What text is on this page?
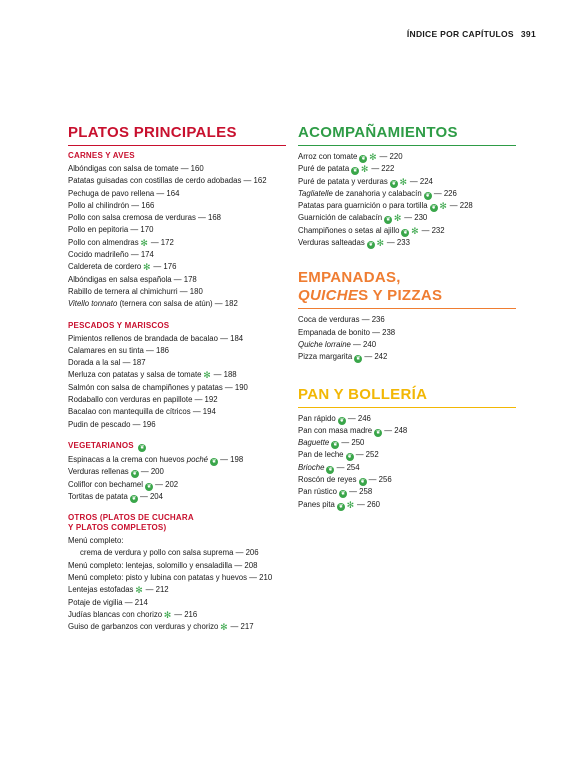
ÍNDICE POR CAPÍTULOS 391
PLATOS PRINCIPALES
CARNES Y AVES
Albóndigas con salsa de tomate — 160
Patatas guisadas con costillas de cerdo adobadas — 162
Pechuga de pavo rellena — 164
Pollo al chilindrón — 166
Pollo con salsa cremosa de verduras — 168
Pollo en pepitoria — 170
Pollo con almendras ✻ — 172
Cocido madrileño — 174
Caldereta de cordero ✻ — 176
Albóndigas en salsa española — 178
Rabillo de ternera al chimichurri — 180
Vitello tonnato (ternera con salsa de atún) — 182
PESCADOS Y MARISCOS
Pimientos rellenos de brandada de bacalao — 184
Calamares en su tinta — 186
Dorada a la sal — 187
Merluza con patatas y salsa de tomate ✻ — 188
Salmón con salsa de champiñones y patatas — 190
Rodaballo con verduras en papillote — 192
Bacalao con mantequilla de cítricos — 194
Pudin de pescado — 196
VEGETARIANOS ❦
Espinacas a la crema con huevos poché ❦ — 198
Verduras rellenas ❦ — 200
Coliflor con bechamel ❦ — 202
Tortitas de patata ❦ — 204
OTROS (PLATOS DE CUCHARA
Y PLATOS COMPLETOS)
Menú completo:
crema de verdura y pollo con salsa suprema — 206
Menú completo: lentejas, solomillo y ensaladilla — 208
Menú completo: pisto y lubina con patatas y huevos — 210
Lentejas estofadas ✻ — 212
Potaje de vigilia — 214
Judías blancas con chorizo ✻ — 216
Guiso de garbanzos con verduras y chorizo ✻ — 217
ACOMPAÑAMIENTOS
Arroz con tomate ❦ ✻ — 220
Puré de patata ❦ ✻ — 222
Puré de patata y verduras ❦ ✻ — 224
Tagliatelle de zanahoria y calabacín ❦ — 226
Patatas para guarnición o para tortilla ❦ ✻ — 228
Guarnición de calabacín ❦ ✻ — 230
Champiñones o setas al ajillo ❦ ✻ — 232
Verduras salteadas ❦ ✻ — 233
EMPANADAS,
QUICHES Y PIZZAS
Coca de verduras — 236
Empanada de bonito — 238
Quiche lorraine — 240
Pizza margarita ❦ — 242
PAN Y BOLLERÍA
Pan rápido ❦ — 246
Pan con masa madre ❦ — 248
Baguette ❦ — 250
Pan de leche ❦ — 252
Brioche ❦ — 254
Roscón de reyes ❦ — 256
Pan rústico ❦ — 258
Panes pita ❦ ✻ — 260
